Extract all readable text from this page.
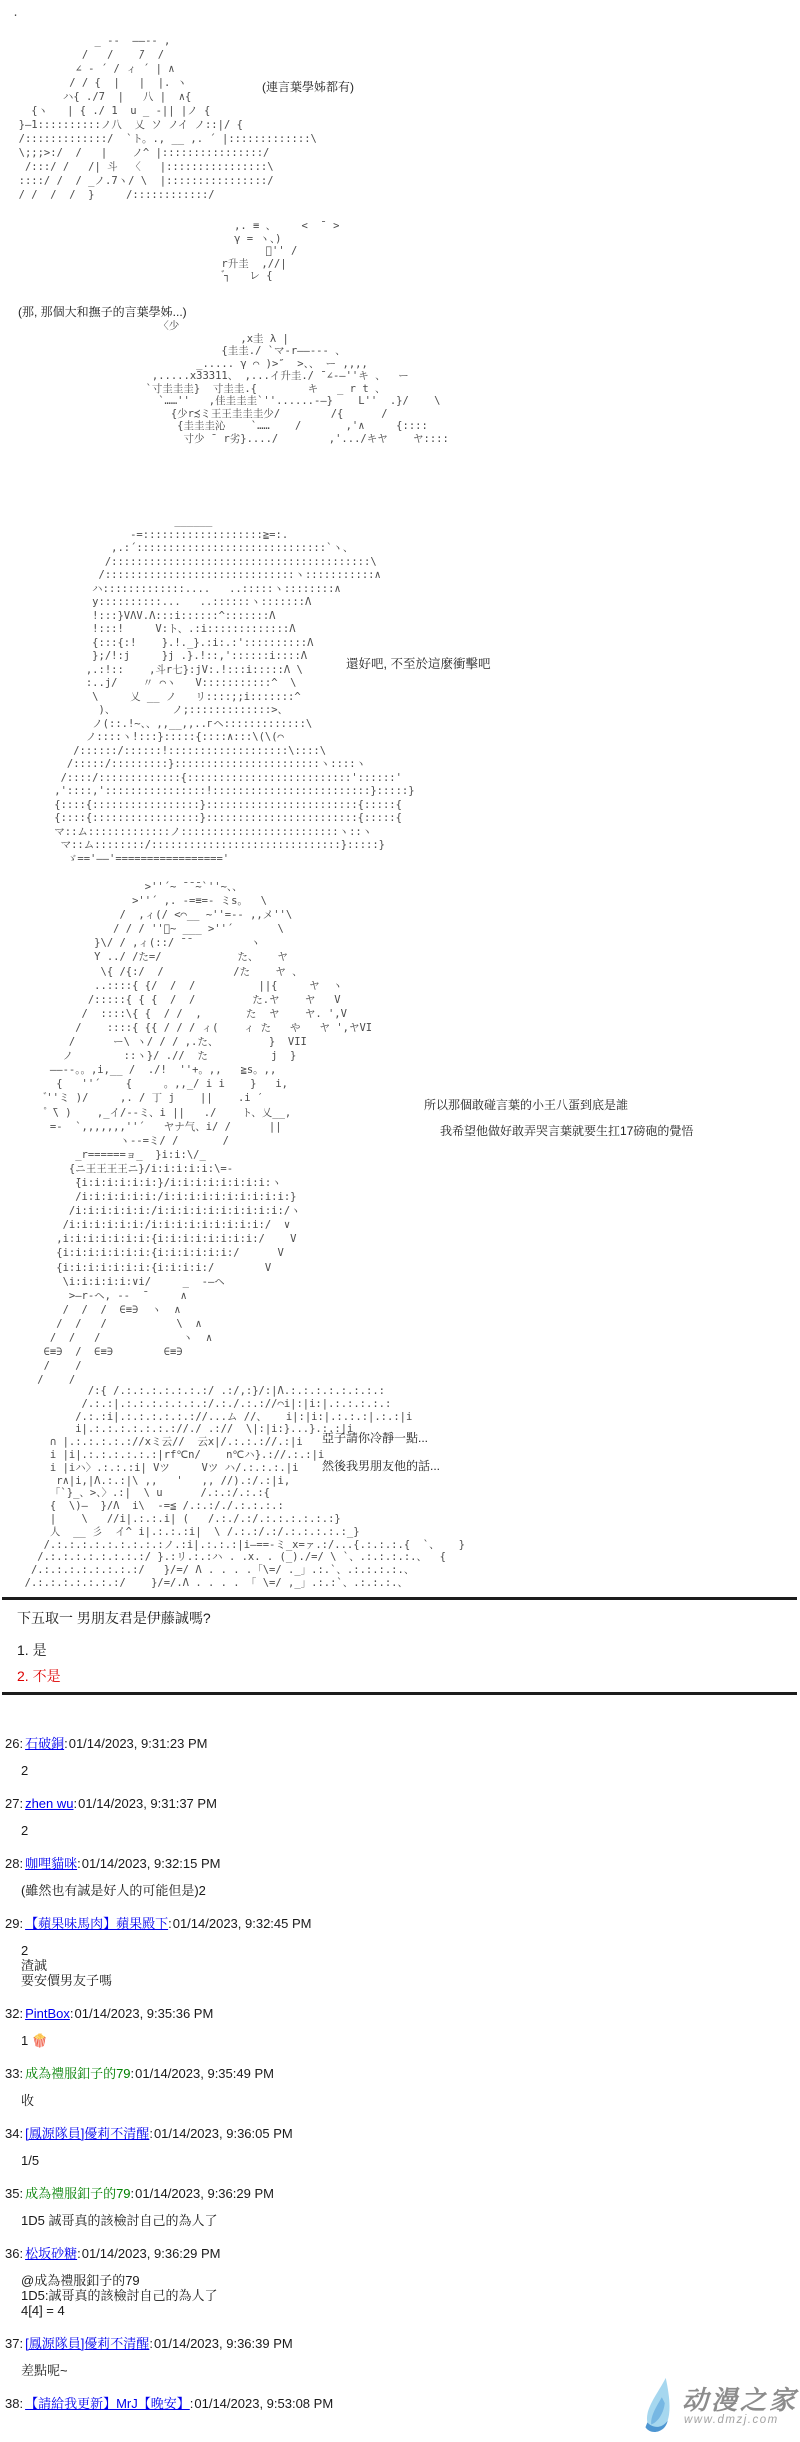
.

_ --  ――-- ,
/   /    ̄/  /
∠ - ´ / ィ ´ | ∧
/ / {  |   |  |. ヽ
ハ{ ./7  |   八 |  ∧{
{ヽ   | { ./ 1  u _ -|| |ノ {
}―1::::::::::ノ八  乂 ソ ノイ ノ::|/ {
/:::::::::::::/  `ト。., __ ,. ´ |:::::::::::::\
\;;;>:/  /   |    ノ^ |::::::::::::::::/
/:::/ /   /| 斗  〈   |::::::::::::::::\
::::/ /  / _ノ.7ヽ/ \  |::::::::::::::::/
/ /  /  /  }     /::::::::::::/
(連言葉學姊都有)
,. ≡ 、    <  ̄  >
γ = ヽ、)
゙'' /
r升圭  ,//|
゙┐   レ {

〈少
,x圭 λ |
{圭圭./ `マ-r――--- 、
_..... γ ⌒ )>″  >、、 ー ,,,,
,.....x33311、 ,...イ升圭./ ̄ ∠-―''キ 、  ー
`寸圭圭圭}  寸圭圭.{        キ   _ r t 、
`……''   ,佳圭圭圭`''......-―}    L''  .}/    \
{少r≾ミ王王圭圭圭少/        /{      /
{圭圭圭沁    `……    /       ,'∧     {::::
寸少 ̄  r劣}..../        ,'.../キヤ    ヤ::::
(那, 那個大和撫子的言葉學姊...)
______
-=:::::::::::::::::::≧=:.
,.:´::::::::::::::::::::::::::::::`ヽ、
/:::::::::::::::::::::::::::::::::::::::::\
/::::::::::::::::::::::::::::::ヽ:::::::::::∧
ハ:::::::::::::....   ..:::::ヽ::::::::∧
у::::::::::...   ..::::::ヽ:::::::Λ
!:::}VΛV.Λ:::i::::::^:::::::Λ
!:::!     V:ト、.:i:::::::::::::Λ
{:::{:!    }.!._}.:i:.:'::::::::::Λ
};/!:j     }j .}.!::,'::::::i::::Λ
,.:!::    ,斗r七}:jV:.!:::i:::::Λ \
:..j/    〃 ⌒ヽ   V:::::::::::^  \
\     乂 __ ノ   リ::::;;i:::::::^
)、         ノ;:::::::::::::>、
ノ(::.!~、、,,__,,..гヘ:::::::::::::\
ノ::::ヽ!:::}:::::{::::∧:::\(\(⌒
/::::::/::::::!:::::::::::::::::::\::::\
/:::::/:::::::::}:::::::::::::::::::::::ヽ::::ヽ
/::::/:::::::::::::{::::::::::::::::::::::::::'::::::'
,'::::,'::::::::::::::::!:::::::::::::::::::::::::}:::::}
{::::{:::::::::::::::::}::::::::::::::::::::::::{:::::{
{::::{:::::::::::::::::}::::::::::::::::::::::::{:::::{
マ::ム:::::::::::::ノ:::::::::::::::::::::::::ヽ::ヽ
マ::ム::::::::/::::::::::::::::::::::::::::::}:::::}
ゞ=='――'================='
還好吧, 不至於這麼衝擊吧
>''´~ ̄ ̄ ̄~`''~、、
>''´ ,. -=≡=- ミs。  \
/  ,ィ(/ <⌒__ ~''=-‐ ,,メ''\
/ / / ''゙~ ___ >''´       \
}\/ / ,ィ(::/ ̄ ̄          ヽ
Y ../ /た=/            た、   ヤ
\{ /{:/  /           /た    ヤ 、
..::::{ {/  /  /          ||{     ヤ  ヽ
/:::::{ { {  /  /         た.ヤ    ヤ   V
/  ::::\{ {  / /  ,       た  ヤ    ヤ. ',V
/    ::::{ {{ / / / ィ(    ィ た   や   ヤ ',ヤVI
/      ー\ ヽ/ / / ,.た、        }  VII
ノ        ::ヽ}/ .//  た          j  }
――--。。,i,__ /  ./!  ''+。,,   ≧s。,,
{   ''´    {     。,,_/ i i    }   i,
゙''ミ )/     ,. / 丁 j    ||    .i ′
゚ ̄\ )    ,_イ/--ミ、i ||   ./    ト、乂__,
=-  `,,,,,,,''´   ヤナ气、i/ /      ||
ヽ--=ミ/ /       /
_r======ョ_  }i:i:\/_
{ニ王王王王ニ}/i:i:i:i:i:\=-
̄{i:i:i:i:i:i:}/i:i:i:i:i:i:i:i:ヽ
/i:i:i:i:i:i:/i:i:i:i:i:i:i:i:i:i:}
/i:i:i:i:i:i:/i:i:i:i:i:i:i:i:i:i:/ヽ
/i:i:i:i:i:i:/i:i:i:i:i:i:i:i:i:/  ∨
,i:i:i:i:i:i:i:{i:i:i:i:i:i:i:i:/    V
{i:i:i:i:i:i:i:{i:i:i:i:i:i:/      V
{i:i:i:i:i:i:i:{i:i:i:i:/        V
\i:i:i:i:i:∨i/     _  -―ヘ
>―r‐ヘ, -‐  ̄      ∧
/  /  /  ∈≡∋  ヽ  ∧
/  /   /           \  ∧
/  /   /             ヽ  ∧
∈≡∋  /  ∈≡∋        ∈≡∋
/    /
/    /
所以那個敢碰言葉的小王八蛋到底是誰
我希望他做好敢弄哭言葉就要生扛17磅砲的覺悟
/:{ /.:.:.:.:.:.:.:/ .:/,:}/:|Λ.:.:.:.:.:.:.:.:
/.:.:|.:.:.:.:.:.:.:/.:./.:.://⌒i|:|i:|.:.:.:.:.:
/.:.:i|.:.:.:.:.:.://...ム //、   i|:|i:|.:.:.:|.:.:|i
i|.:.:.:.:.:.:.://./ .://  \|:|i:}...}.:.:|i
∩ |.:.:.:.:.://xミ云//  云x|/.:.:.://.:|i
i |i|.:.:.:.:.:.:|rf℃n/    n℃ハ}.://.:.:|i
i |iハ〉.:.:.:i| Vツ     Vツ ハ/.:.:.:.|i
r∧|i,|Λ.:.:|\ ,,   '   ,, //).:/.:|i,
「`}_、>、〉.:|  \ u      /.:.:/.:.:{
{  \)―  }/Λ  i\  -=≦ /.:.:/./.:.:.:.:
|    \   //i|.:.:.i| (   /.:./.:/.:.:.:.:.:.:}
人  __ 彡  イ^ i|.:.:.:i|  \ /.:.:/.:/.:.:.:.:.:_}
/.:.:.:.:.:.:.:.:.:ノ.:i|.:.:.:|i―==-ミ_x=ァ.:/...{.:.:.:.{  `、   }
/.:.:.:.:.:.:.:.:/ }.:リ.:.:ハ . .x. . (_)./=/ \ `、.:.:.:.:.、  {
/.:.:.:.:.:.:.:.:/   }/=/ Λ . . . .「\=/ ._」.:.`、.:.:.:.:.、
/.:.:.:.:.:.:.:/    }/=/.Λ . . . . 「 \=/ ,_」.:.:`、.:.:.:.、
亞子請你冷靜一點...
然後我男朋友他的話...
下五取一 男朋友君是伊藤誠嗎?
1. 是
2. 不是
26: 石破銅:01/14/2023, 9:31:23 PM
2
27: zhen wu:01/14/2023, 9:31:37 PM
2
28: 咖哩貓咪:01/14/2023, 9:32:15 PM
(雖然也有誠是好人的可能但是)2
29: 【蘋果味馬肉】蘋果殿下:01/14/2023, 9:32:45 PM
2
渣誠
要安價男友子嗎
32: PintBox:01/14/2023, 9:35:36 PM
1 🍿
33: 成為禮服釦子的79:01/14/2023, 9:35:49 PM
收
34: [鳳源隊員]優莉不清醒:01/14/2023, 9:36:05 PM
1/5
35: 成為禮服釦子的79:01/14/2023, 9:36:29 PM
1D5 誠哥真的該檢討自己的為人了
36: 松坂砂糖:01/14/2023, 9:36:29 PM
@成為禮服釦子的79
1D5:誠哥真的該檢討自己的為人了
4[4] = 4
37: [鳳源隊員]優莉不清醒:01/14/2023, 9:36:39 PM
差點呢~
38: 【請給我更新】MrJ【晚安】:01/14/2023, 9:53:08 PM	动漫之家
www.dmzj.com
